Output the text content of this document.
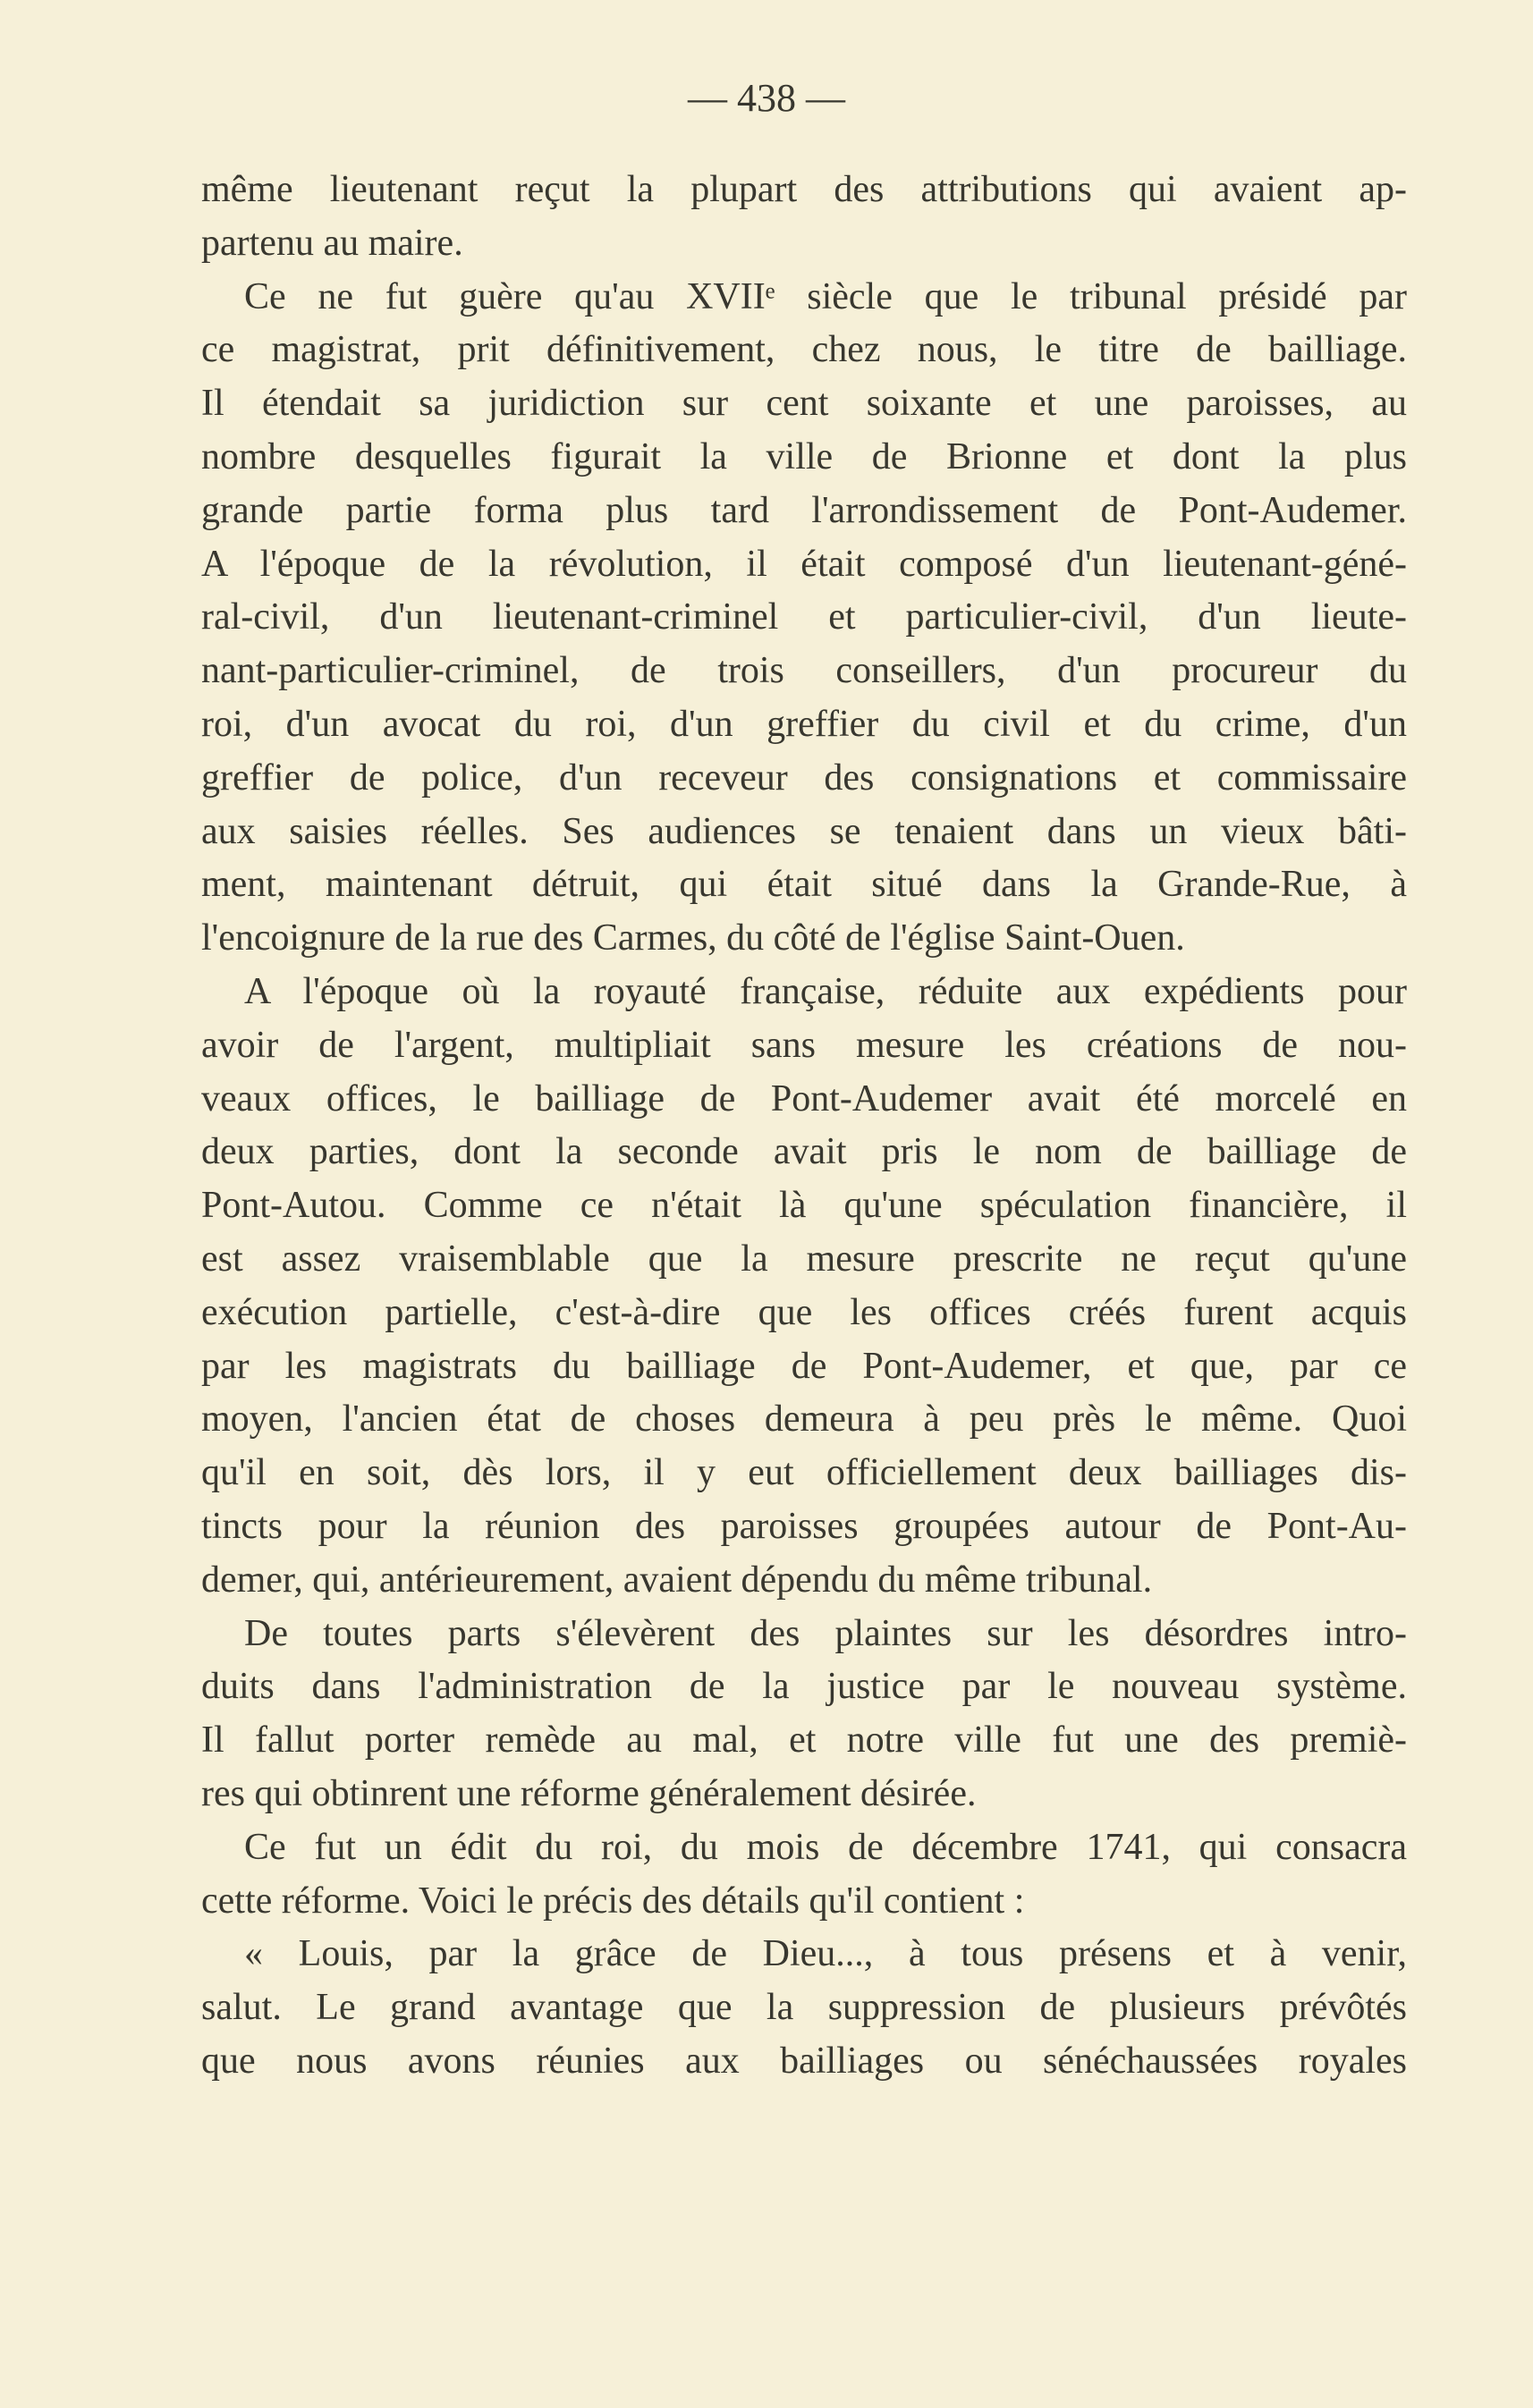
— 438 —
même lieutenant reçut la plupart des attributions qui avaient ap-
partenu au maire.
Ce ne fut guère qu'au XVIIᵉ siècle que le tribunal présidé par
ce magistrat, prit définitivement, chez nous, le titre de bailliage.
Il étendait sa juridiction sur cent soixante et une paroisses, au
nombre desquelles figurait la ville de Brionne et dont la plus
grande partie forma plus tard l'arrondissement de Pont-Audemer.
A l'époque de la révolution, il était composé d'un lieutenant-géné-
ral-civil, d'un lieutenant-criminel et particulier-civil, d'un lieute-
nant-particulier-criminel, de trois conseillers, d'un procureur du
roi, d'un avocat du roi, d'un greffier du civil et du crime, d'un
greffier de police, d'un receveur des consignations et commissaire
aux saisies réelles. Ses audiences se tenaient dans un vieux bâti-
ment, maintenant détruit, qui était situé dans la Grande-Rue, à
l'encoignure de la rue des Carmes, du côté de l'église Saint-Ouen.
A l'époque où la royauté française, réduite aux expédients pour
avoir de l'argent, multipliait sans mesure les créations de nou-
veaux offices, le bailliage de Pont-Audemer avait été morcelé en
deux parties, dont la seconde avait pris le nom de bailliage de
Pont-Autou. Comme ce n'était là qu'une spéculation financière, il
est assez vraisemblable que la mesure prescrite ne reçut qu'une
exécution partielle, c'est-à-dire que les offices créés furent acquis
par les magistrats du bailliage de Pont-Audemer, et que, par ce
moyen, l'ancien état de choses demeura à peu près le même. Quoi
qu'il en soit, dès lors, il y eut officiellement deux bailliages dis-
tincts pour la réunion des paroisses groupées autour de Pont-Au-
demer, qui, antérieurement, avaient dépendu du même tribunal.
De toutes parts s'élevèrent des plaintes sur les désordres intro-
duits dans l'administration de la justice par le nouveau système.
Il fallut porter remède au mal, et notre ville fut une des premiè-
res qui obtinrent une réforme généralement désirée.
Ce fut un édit du roi, du mois de décembre 1741, qui consacra
cette réforme. Voici le précis des détails qu'il contient :
« Louis, par la grâce de Dieu..., à tous présens et à venir,
salut. Le grand avantage que la suppression de plusieurs prévôtés
que nous avons réunies aux bailliages ou sénéchaussées royales
